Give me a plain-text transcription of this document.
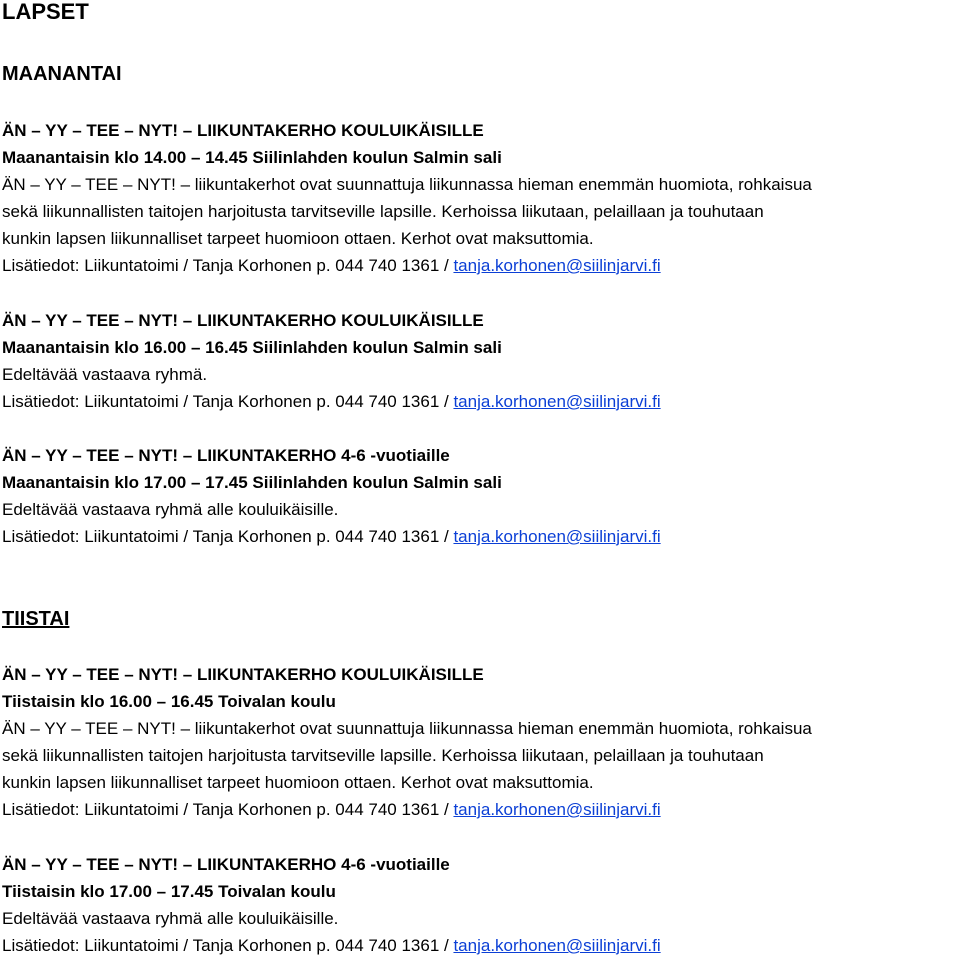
LAPSET
MAANANTAI
ÄN – YY – TEE – NYT! – LIIKUNTAKERHO KOULUIKÄISILLE
Maanantaisin klo 14.00 – 14.45 Siilinlahden koulun Salmin sali
ÄN – YY – TEE – NYT! – liikuntakerhot ovat suunnattuja liikunnassa hieman enemmän huomiota, rohkaisua
sekä liikunnallisten taitojen harjoitusta tarvitseville lapsille. Kerhoissa liikutaan, pelaillaan ja touhutaan
kunkin lapsen liikunnalliset tarpeet huomioon ottaen. Kerhot ovat maksuttomia.
Lisätiedot: Liikuntatoimi / Tanja Korhonen p. 044 740 1361 / tanja.korhonen@siilinjarvi.fi
ÄN – YY – TEE – NYT! – LIIKUNTAKERHO KOULUIKÄISILLE
Maanantaisin klo 16.00 – 16.45 Siilinlahden koulun Salmin sali
Edeltävää vastaava ryhmä.
Lisätiedot: Liikuntatoimi / Tanja Korhonen p. 044 740 1361 / tanja.korhonen@siilinjarvi.fi
ÄN – YY – TEE – NYT! – LIIKUNTAKERHO 4-6 -vuotiaille
Maanantaisin klo 17.00 – 17.45 Siilinlahden koulun Salmin sali
Edeltävää vastaava ryhmä alle kouluikäisille.
Lisätiedot: Liikuntatoimi / Tanja Korhonen p. 044 740 1361 / tanja.korhonen@siilinjarvi.fi
TIISTAI
ÄN – YY – TEE – NYT! – LIIKUNTAKERHO KOULUIKÄISILLE
Tiistaisin klo 16.00 – 16.45 Toivalan koulu
ÄN – YY – TEE – NYT! – liikuntakerhot ovat suunnattuja liikunnassa hieman enemmän huomiota, rohkaisua
sekä liikunnallisten taitojen harjoitusta tarvitseville lapsille. Kerhoissa liikutaan, pelaillaan ja touhutaan
kunkin lapsen liikunnalliset tarpeet huomioon ottaen. Kerhot ovat maksuttomia.
Lisätiedot: Liikuntatoimi / Tanja Korhonen p. 044 740 1361 / tanja.korhonen@siilinjarvi.fi
ÄN – YY – TEE – NYT! – LIIKUNTAKERHO 4-6 -vuotiaille
Tiistaisin klo 17.00 – 17.45 Toivalan koulu
Edeltävää vastaava ryhmä alle kouluikäisille.
Lisätiedot: Liikuntatoimi / Tanja Korhonen p. 044 740 1361 / tanja.korhonen@siilinjarvi.fi
